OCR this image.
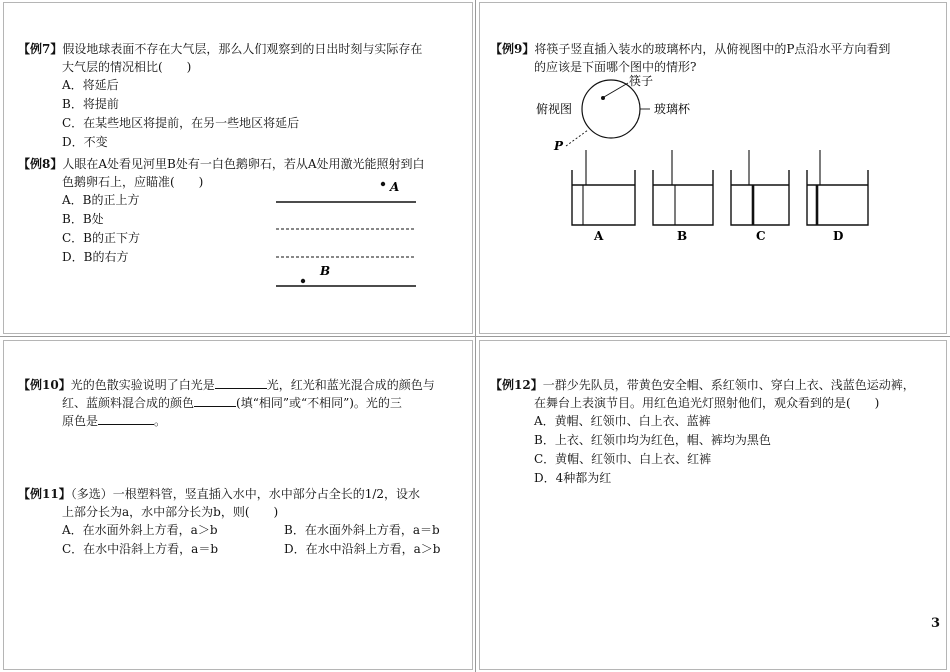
【例7】假设地球表面不存在大气层，那么人们观察到的日出时刻与实际存在
大气层的情况相比(　　)
A．将延后
B．将提前
C．在某些地区将提前，在另一些地区将延后
D．不变
【例8】人眼在A处看见河里B处有一白色鹅卵石，若从A处用激光能照射到白
色鹅卵石上，应瞄准(　　)
A．B的正上方
B．B处
C．B的正下方
D．B的右方
A
B
【例9】将筷子竖直插入装水的玻璃杯内，从俯视图中的P点沿水平方向看到
的应该是下面哪个图中的情形?
筷子
俯视图	玻璃杯
P
A	B	C	D
【例10】光的色散实验说明了白光是	光，红光和蓝光混合成的颜色与
红、蓝颜料混合成的颜色	(填“相同”或“不相同”)。光的三
原色是	。
【例11】（多选）一根塑料管，竖直插入水中，水中部分占全长的1/2，设水
上部分长为a，水中部分长为b，则(　　)
A．在水面外斜上方看，a＞b	B．在水面外斜上方看，a＝b
C．在水中沿斜上方看，a＝b	D．在水中沿斜上方看，a＞b
【例12】一群少先队员，带黄色安全帽、系红领巾、穿白上衣、浅蓝色运动裤，
在舞台上表演节目。用红色追光灯照射他们，观众看到的是(　　)
A．黄帽、红领巾、白上衣、蓝裤
B．上衣、红领巾均为红色，帽、裤均为黑色
C．黄帽、红领巾、白上衣、红裤
D．4种都为红
3
